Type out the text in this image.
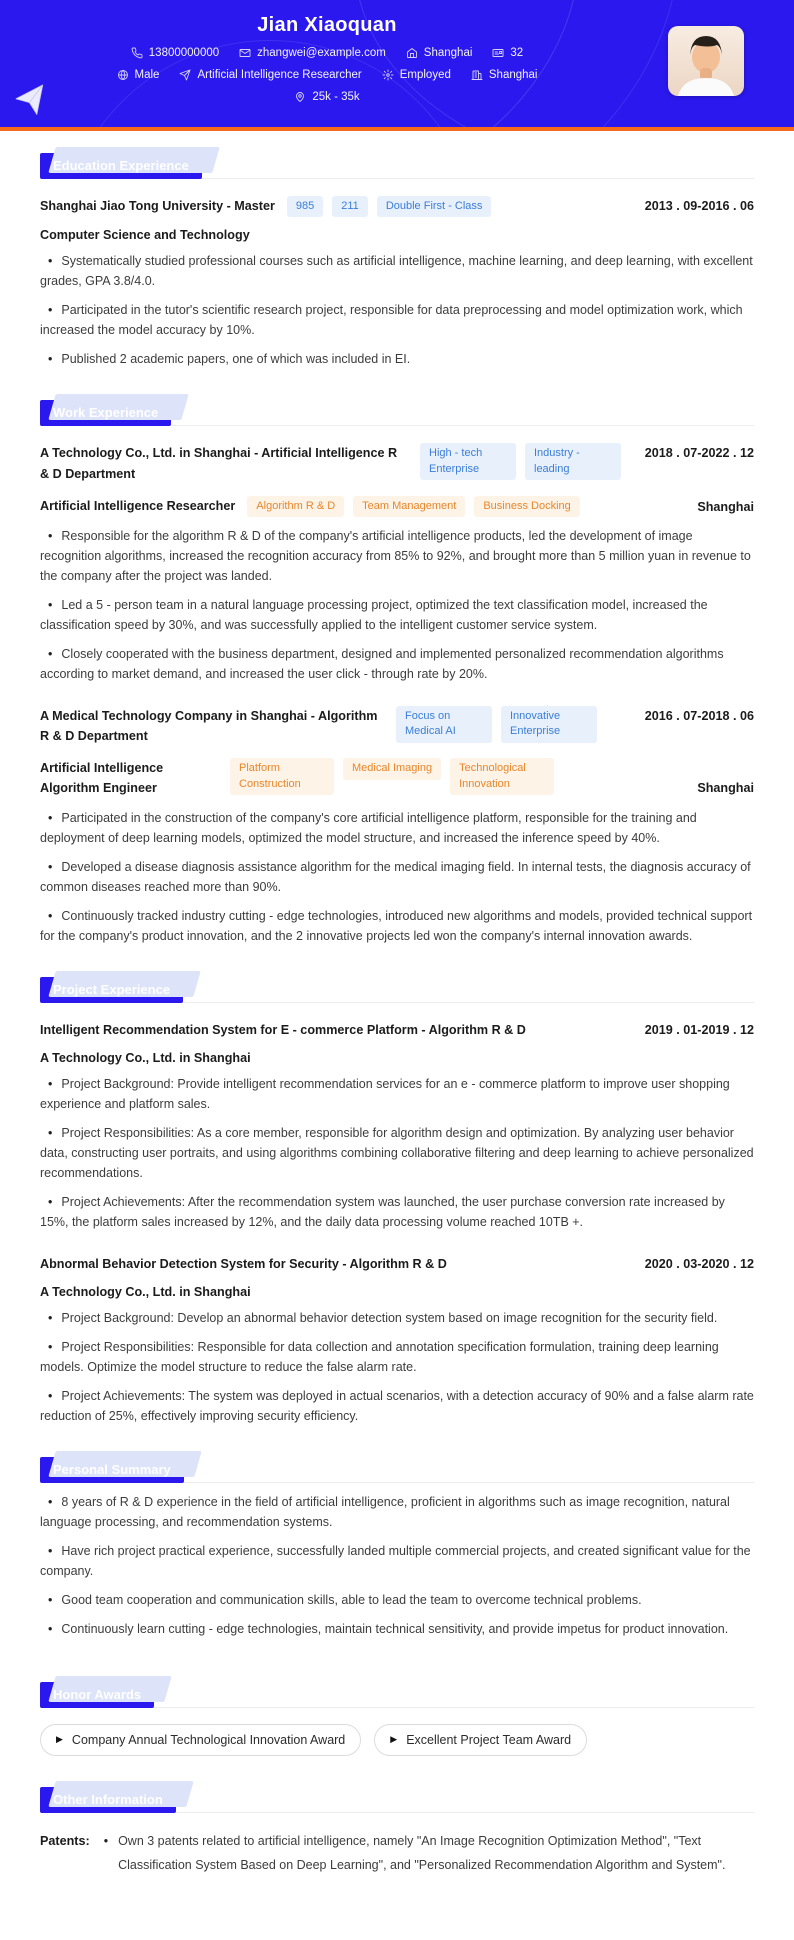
Jian Xiaoquan
13800000000	zhangwei@example.com	Shanghai	32
Male	Artificial Intelligence Researcher	Employed	Shanghai
25k - 35k
Education Experience
Shanghai Jiao Tong University - Master	985	211	Double First - Class	2013 . 09-2016 . 06
Computer Science and Technology

• Systematically studied professional courses such as artificial intelligence, machine learning, and deep learning, with excellent grades, GPA 3.8/4.0.

• Participated in the tutor's scientific research project, responsible for data preprocessing and model optimization work, which increased the model accuracy by 10%.

• Published 2 academic papers, one of which was included in EI.

Work Experience
A Technology Co., Ltd. in Shanghai - Artificial Intelligence R & D Department
High - tech Enterprise
Industry - leading
2018 . 07-2022 . 12
Artificial Intelligence Researcher	Algorithm R & D	Team Management	Business Docking	Shanghai

• Responsible for the algorithm R & D of the company's artificial intelligence products, led the development of image recognition algorithms, increased the recognition accuracy from 85% to 92%, and brought more than 5 million yuan in revenue to the company after the project was landed.

• Led a 5 - person team in a natural language processing project, optimized the text classification model, increased the classification speed by 30%, and was successfully applied to the intelligent customer service system.

• Closely cooperated with the business department, designed and implemented personalized recommendation algorithms according to market demand, and increased the user click - through rate by 20%.

A Medical Technology Company in Shanghai - Algorithm R & D Department
Focus on Medical AI
Innovative Enterprise
2016 . 07-2018 . 06
Artificial Intelligence Algorithm Engineer
Platform Construction
Medical Imaging	Technological Innovation	Shanghai

• Participated in the construction of the company's core artificial intelligence platform, responsible for the training and deployment of deep learning models, optimized the model structure, and increased the inference speed by 40%.

• Developed a disease diagnosis assistance algorithm for the medical imaging field. In internal tests, the diagnosis accuracy of common diseases reached more than 90%.

• Continuously tracked industry cutting - edge technologies, introduced new algorithms and models, provided technical support for the company's product innovation, and the 2 innovative projects led won the company's internal innovation awards.

Project Experience
Intelligent Recommendation System for E - commerce Platform - Algorithm R & D	2019 . 01-2019 . 12
A Technology Co., Ltd. in Shanghai

• Project Background: Provide intelligent recommendation services for an e - commerce platform to improve user shopping experience and platform sales.

• Project Responsibilities: As a core member, responsible for algorithm design and optimization. By analyzing user behavior data, constructing user portraits, and using algorithms combining collaborative filtering and deep learning to achieve personalized recommendations.

• Project Achievements: After the recommendation system was launched, the user purchase conversion rate increased by 15%, the platform sales increased by 12%, and the daily data processing volume reached 10TB +.

Abnormal Behavior Detection System for Security - Algorithm R & D	2020 . 03-2020 . 12
A Technology Co., Ltd. in Shanghai

• Project Background: Develop an abnormal behavior detection system based on image recognition for the security field.

• Project Responsibilities: Responsible for data collection and annotation specification formulation, training deep learning models. Optimize the model structure to reduce the false alarm rate.

• Project Achievements: The system was deployed in actual scenarios, with a detection accuracy of 90% and a false alarm rate reduction of 25%, effectively improving security efficiency.

Personal Summary

• 8 years of R & D experience in the field of artificial intelligence, proficient in algorithms such as image recognition, natural language processing, and recommendation systems.

• Have rich project practical experience, successfully landed multiple commercial projects, and created significant value for the company.

• Good team cooperation and communication skills, able to lead the team to overcome technical problems.

• Continuously learn cutting - edge technologies, maintain technical sensitivity, and provide impetus for product innovation.

Honor Awards
▶ Company Annual Technological Innovation Award	▶ Excellent Project Team Award
Other Information
Patents: • Own 3 patents related to artificial intelligence, namely "An Image Recognition Optimization Method", "Text Classification System Based on Deep Learning", and "Personalized Recommendation Algorithm and System".
